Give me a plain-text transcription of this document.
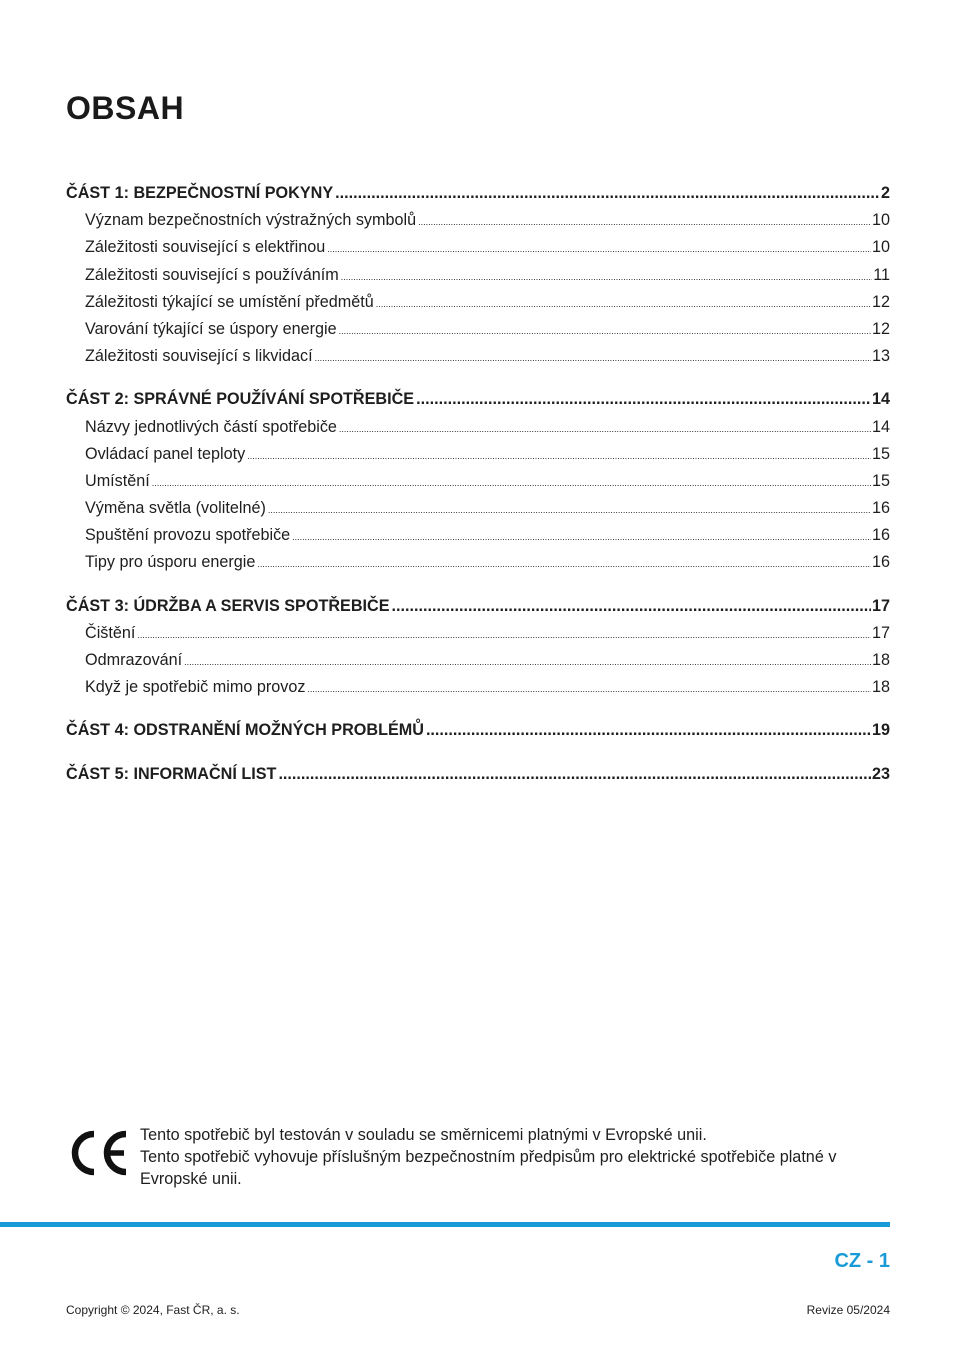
OBSAH
ČÁST 1: BEZPEČNOSTNÍ POKYNY .....	2
Význam bezpečnostních výstražných symbolů .....	10
Záležitosti související s elektřinou .....	10
Záležitosti související s používáním .....	11
Záležitosti týkající se umístění předmětů .....	12
Varování týkající se úspory energie .....	12
Záležitosti související s likvidací .....	13
ČÁST 2: SPRÁVNÉ POUŽÍVÁNÍ SPOTŘEBIČE .....	14
Názvy jednotlivých částí spotřebiče .....	14
Ovládací panel teploty .....	15
Umístění .....	15
Výměna světla (volitelné) .....	16
Spuštění provozu spotřebiče .....	16
Tipy pro úsporu energie .....	16
ČÁST 3: ÚDRŽBA A SERVIS SPOTŘEBIČE .....	17
Čištění .....	17
Odmrazování .....	18
Když je spotřebič mimo provoz .....	18
ČÁST 4: ODSTRANĚNÍ MOŽNÝCH PROBLÉMŮ .....	19
ČÁST 5: INFORMAČNÍ LIST .....	23

Tento spotřebič byl testován v souladu se směrnicemi platnými v Evropské unii.

Tento spotřebič vyhovuje příslušným bezpečnostním předpisům pro elektrické spotřebiče platné v Evropské unii.

CZ - 1
Copyright © 2024, Fast ČR, a. s.	Revize 05/2024
